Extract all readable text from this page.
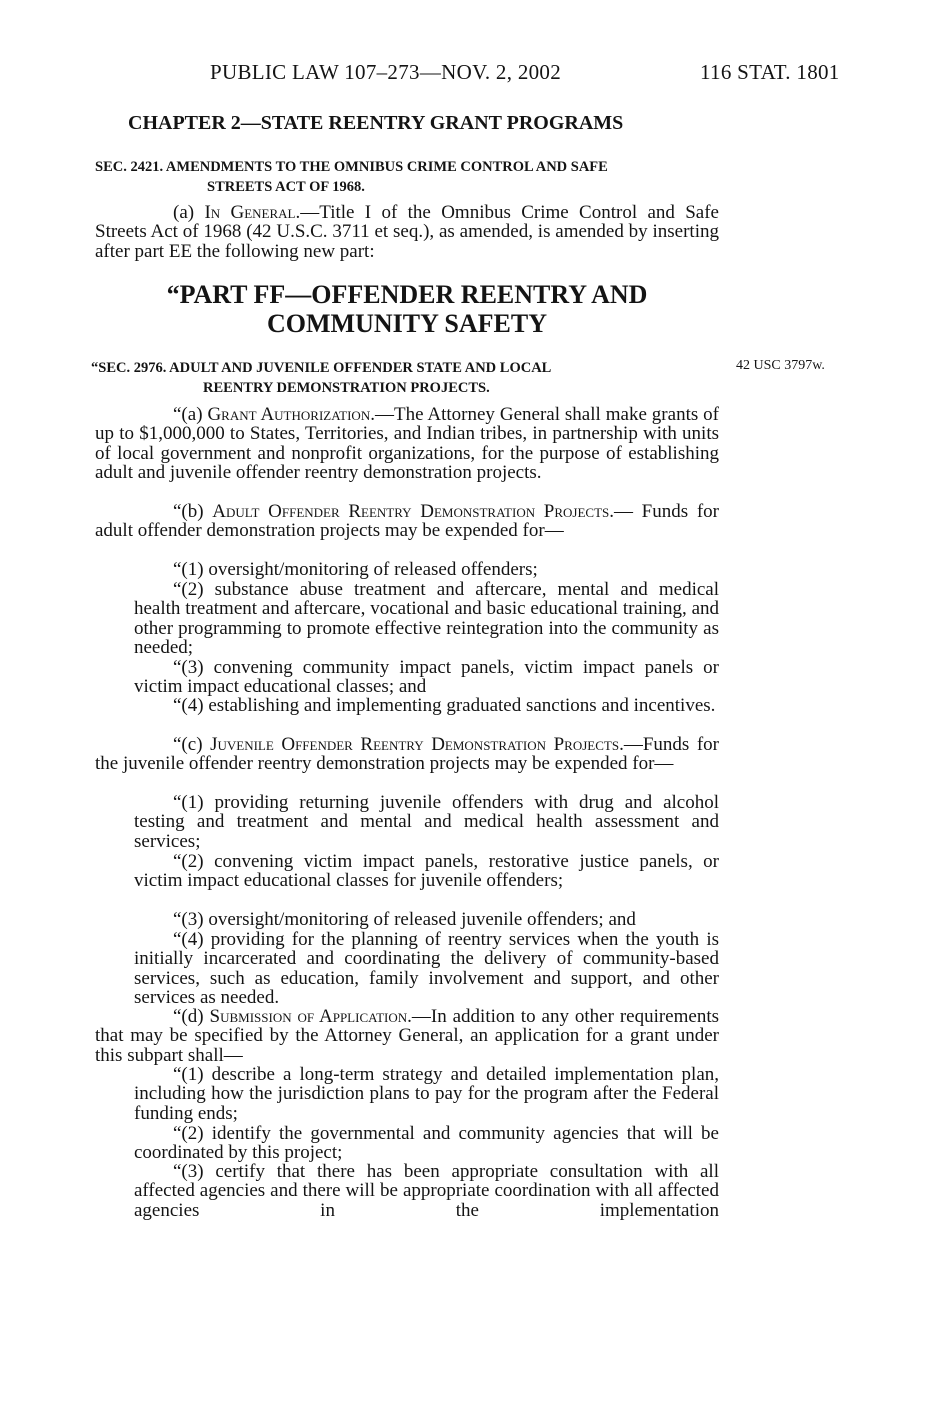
PUBLIC LAW 107–273—NOV. 2, 2002	116 STAT. 1801
CHAPTER 2—STATE REENTRY GRANT PROGRAMS
SEC. 2421. AMENDMENTS TO THE OMNIBUS CRIME CONTROL AND SAFE
STREETS ACT OF 1968.

(a) In General.—Title I of the Omnibus Crime Control and Safe Streets Act of 1968 (42 U.S.C. 3711 et seq.), as amended, is amended by inserting after part EE the following new part:

“PART FF—OFFENDER REENTRY AND
COMMUNITY SAFETY
“SEC. 2976. ADULT AND JUVENILE OFFENDER STATE AND LOCAL
REENTRY DEMONSTRATION PROJECTS.
42 USC 3797w.

“(a) Grant Authorization.—The Attorney General shall make grants of up to $1,000,000 to States, Territories, and Indian tribes, in partnership with units of local government and nonprofit organizations, for the purpose of establishing adult and juvenile offender reentry demonstration projects.

“(b) Adult Offender Reentry Demonstration Projects.— Funds for adult offender demonstration projects may be expended for—

“(1) oversight/monitoring of released offenders;

“(2) substance abuse treatment and aftercare, mental and medical health treatment and aftercare, vocational and basic educational training, and other programming to promote effective reintegration into the community as needed;

“(3) convening community impact panels, victim impact panels or victim impact educational classes; and

“(4) establishing and implementing graduated sanctions and incentives.

“(c) Juvenile Offender Reentry Demonstration Projects.—Funds for the juvenile offender reentry demonstration projects may be expended for—

“(1) providing returning juvenile offenders with drug and alcohol testing and treatment and mental and medical health assessment and services;

“(2) convening victim impact panels, restorative justice panels, or victim impact educational classes for juvenile offenders;

“(3) oversight/monitoring of released juvenile offenders; and

“(4) providing for the planning of reentry services when the youth is initially incarcerated and coordinating the delivery of community-based services, such as education, family involvement and support, and other services as needed.

“(d) Submission of Application.—In addition to any other requirements that may be specified by the Attorney General, an application for a grant under this subpart shall—

“(1) describe a long-term strategy and detailed implementation plan, including how the jurisdiction plans to pay for the program after the Federal funding ends;

“(2) identify the governmental and community agencies that will be coordinated by this project;

“(3) certify that there has been appropriate consultation with all affected agencies and there will be appropriate coordination with all affected agencies in the implementation
